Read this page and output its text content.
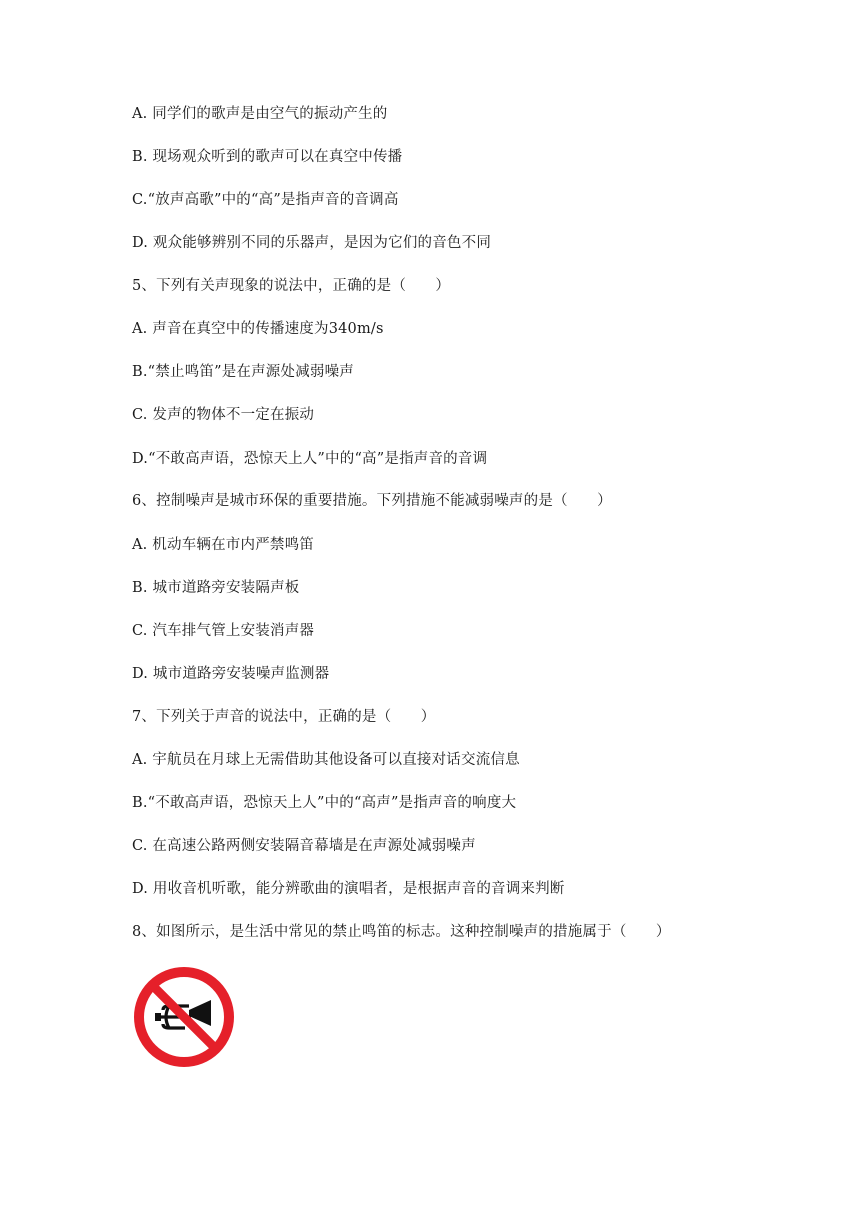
A. 同学们的歌声是由空气的振动产生的
B. 现场观众听到的歌声可以在真空中传播
C.“放声高歌”中的“高”是指声音的音调高
D. 观众能够辨别不同的乐器声，是因为它们的音色不同
5、下列有关声现象的说法中，正确的是（　　）
A. 声音在真空中的传播速度为340m/s
B.“禁止鸣笛”是在声源处减弱噪声
C. 发声的物体不一定在振动
D.“不敢高声语，恐惊天上人”中的“高”是指声音的音调
6、控制噪声是城市环保的重要措施。下列措施不能减弱噪声的是（　　）
A. 机动车辆在市内严禁鸣笛
B. 城市道路旁安装隔声板
C. 汽车排气管上安装消声器
D. 城市道路旁安装噪声监测器
7、下列关于声音的说法中，正确的是（　　）
A. 宇航员在月球上无需借助其他设备可以直接对话交流信息
B.“不敢高声语，恐惊天上人”中的“高声”是指声音的响度大
C. 在高速公路两侧安装隔音幕墙是在声源处减弱噪声
D. 用收音机听歌，能分辨歌曲的演唱者，是根据声音的音调来判断
8、如图所示，是生活中常见的禁止鸣笛的标志。这种控制噪声的措施属于（　　）
